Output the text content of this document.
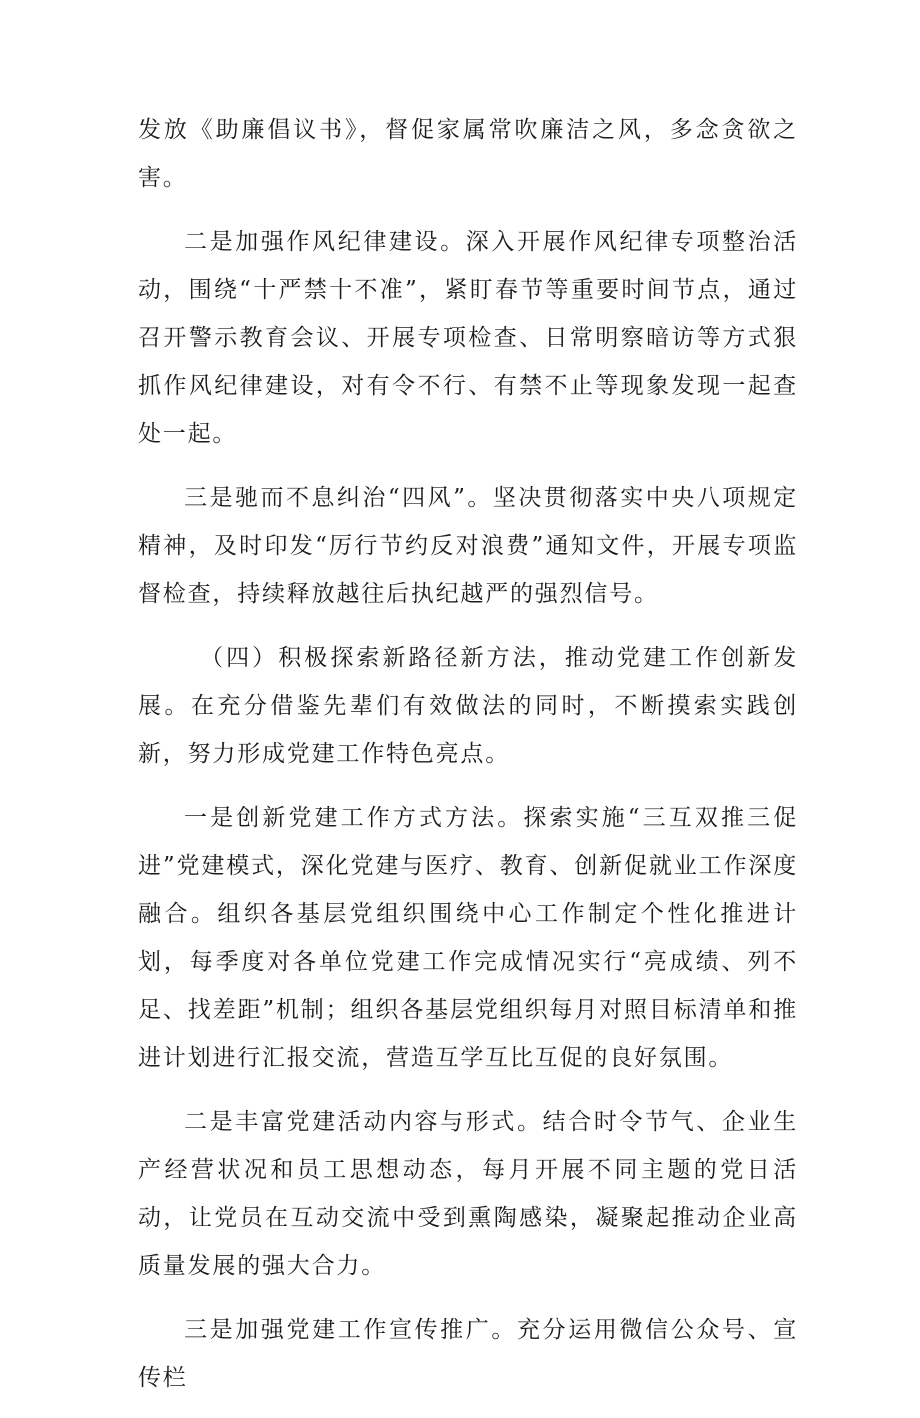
发放《助廉倡议书》，督促家属常吹廉洁之风，多念贪欲之害。

二是加强作风纪律建设。深入开展作风纪律专项整治活动，围绕“十严禁十不准”，紧盯春节等重要时间节点，通过召开警示教育会议、开展专项检查、日常明察暗访等方式狠抓作风纪律建设，对有令不行、有禁不止等现象发现一起查处一起。

三是驰而不息纠治“四风”。坚决贯彻落实中央八项规定精神，及时印发“厉行节约反对浪费”通知文件，开展专项监督检查，持续释放越往后执纪越严的强烈信号。

（四）积极探索新路径新方法，推动党建工作创新发展。在充分借鉴先辈们有效做法的同时，不断摸索实践创新，努力形成党建工作特色亮点。

一是创新党建工作方式方法。探索实施“三互双推三促进”党建模式，深化党建与医疗、教育、创新促就业工作深度融合。组织各基层党组织围绕中心工作制定个性化推进计划，每季度对各单位党建工作完成情况实行“亮成绩、列不足、找差距”机制；组织各基层党组织每月对照目标清单和推进计划进行汇报交流，营造互学互比互促的良好氛围。

二是丰富党建活动内容与形式。结合时令节气、企业生产经营状况和员工思想动态，每月开展不同主题的党日活动，让党员在互动交流中受到熏陶感染，凝聚起推动企业高质量发展的强大合力。

三是加强党建工作宣传推广。充分运用微信公众号、宣传栏
